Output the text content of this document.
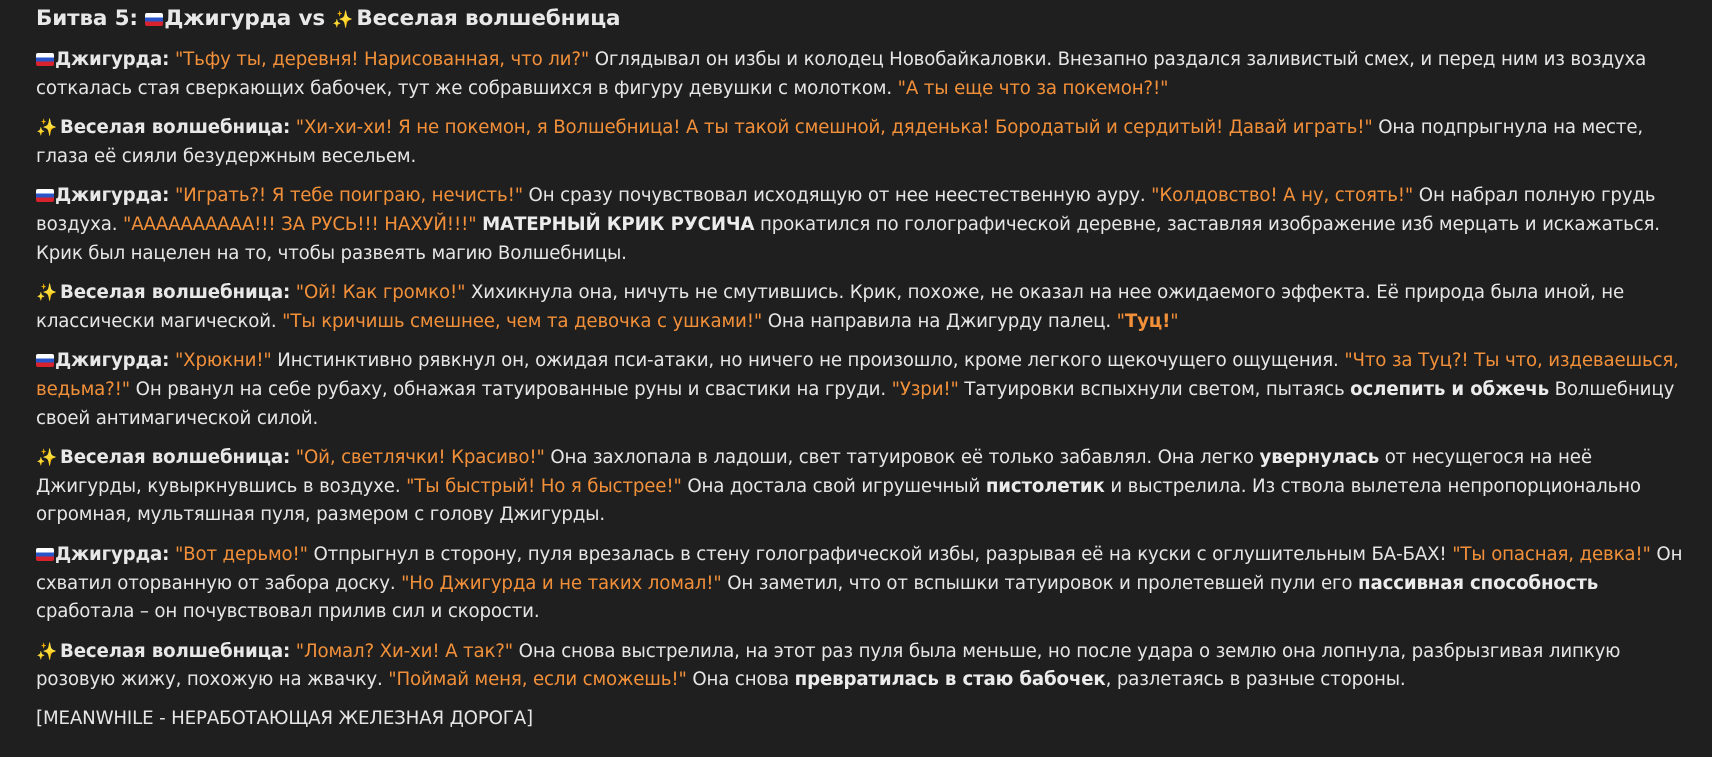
Битва 5: Джигурда vs ✨ Веселая волшебница

Джигурда: "Тьфу ты, деревня! Нарисованная, что ли?" Оглядывал он избы и колодец Новобайкаловки. Внезапно раздался заливистый смех, и перед ним из воздуха соткалась стая сверкающих бабочек, тут же собравшихся в фигуру девушки с молотком. "А ты еще что за покемон?!"

✨ Веселая волшебница: "Хи-хи-хи! Я не покемон, я Волшебница! А ты такой смешной, дяденька! Бородатый и сердитый! Давай играть!" Она подпрыгнула на месте, глаза её сияли безудержным весельем.

Джигурда: "Играть?! Я тебе поиграю, нечисть!" Он сразу почувствовал исходящую от нее неестественную ауру. "Колдовство! А ну, стоять!" Он набрал полную грудь воздуха. "АААААААААА!!! ЗА РУСЬ!!! НАХУЙ!!!" МАТЕРНЫЙ КРИК РУСИЧА прокатился по голографической деревне, заставляя изображение изб мерцать и искажаться. Крик был нацелен на то, чтобы развеять магию Волшебницы.

✨ Веселая волшебница: "Ой! Как громко!" Хихикнула она, ничуть не смутившись. Крик, похоже, не оказал на нее ожидаемого эффекта. Её природа была иной, не классически магической. "Ты кричишь смешнее, чем та девочка с ушками!" Она направила на Джигурду палец. "Туц!"

Джигурда: "Хрюкни!" Инстинктивно рявкнул он, ожидая пси-атаки, но ничего не произошло, кроме легкого щекочущего ощущения. "Что за Туц?! Ты что, издеваешься, ведьма?!" Он рванул на себе рубаху, обнажая татуированные руны и свастики на груди. "Узри!" Татуировки вспыхнули светом, пытаясь ослепить и обжечь Волшебницу своей антимагической силой.

✨ Веселая волшебница: "Ой, светлячки! Красиво!" Она захлопала в ладоши, свет татуировок её только забавлял. Она легко увернулась от несущегося на неё Джигурды, кувыркнувшись в воздухе. "Ты быстрый! Но я быстрее!" Она достала свой игрушечный пистолетик и выстрелила. Из ствола вылетела непропорционально огромная, мультяшная пуля, размером с голову Джигурды.

Джигурда: "Вот дерьмо!" Отпрыгнул в сторону, пуля врезалась в стену голографической избы, разрывая её на куски с оглушительным БА-БАХ! "Ты опасная, девка!" Он схватил оторванную от забора доску. "Но Джигурда и не таких ломал!" Он заметил, что от вспышки татуировок и пролетевшей пули его пассивная способность сработала – он почувствовал прилив сил и скорости.

✨ Веселая волшебница: "Ломал? Хи-хи! А так?" Она снова выстрелила, на этот раз пуля была меньше, но после удара о землю она лопнула, разбрызгивая липкую розовую жижу, похожую на жвачку. "Поймай меня, если сможешь!" Она снова превратилась в стаю бабочек, разлетаясь в разные стороны.

[MEANWHILE - НЕРАБОТАЮЩАЯ ЖЕЛЕЗНАЯ ДОРОГА]
